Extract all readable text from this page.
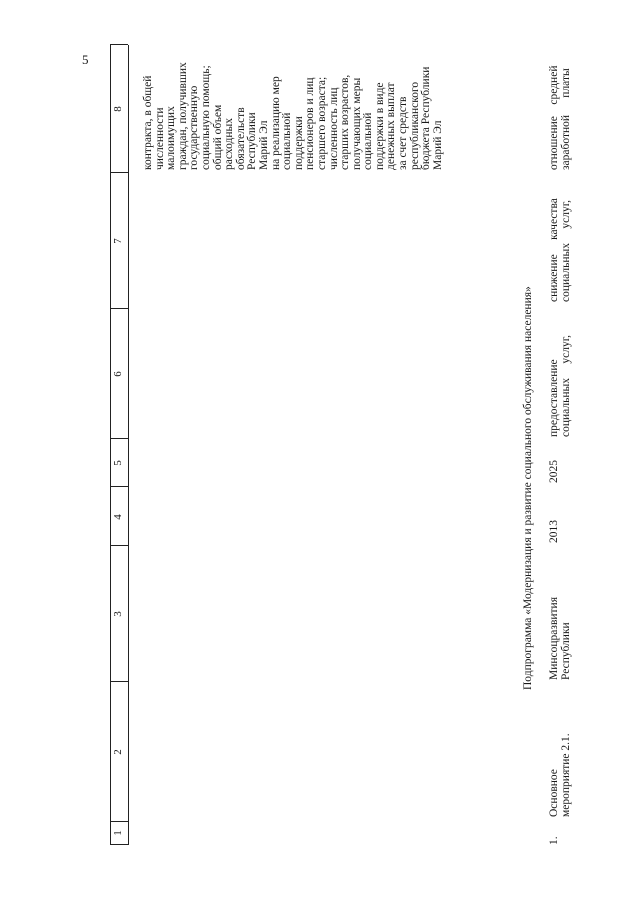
5
1
2
3
4
5
6
7
8 контракта, в общей численности малоимущих граждан, получивших государственную социальную помощь; общий объем расходных обязательств Республики Марий Эл на реализацию мер социальной поддержки пенсионеров и лиц старшего возраста; численность лиц старших возрастов, получающих меры социальной поддержки в виде денежных выплат за счет средств республиканского бюджета Республики Марий Эл
Подпрограмма «Модернизация и развитие социального обслуживания населения»
1.
Основное мероприятие 2.1.
Минсоцразвития Республики
2013
2025
предоставление социальных     услуг,
снижение     качества социальных     услуг,
отношение    средней заработной      платы
